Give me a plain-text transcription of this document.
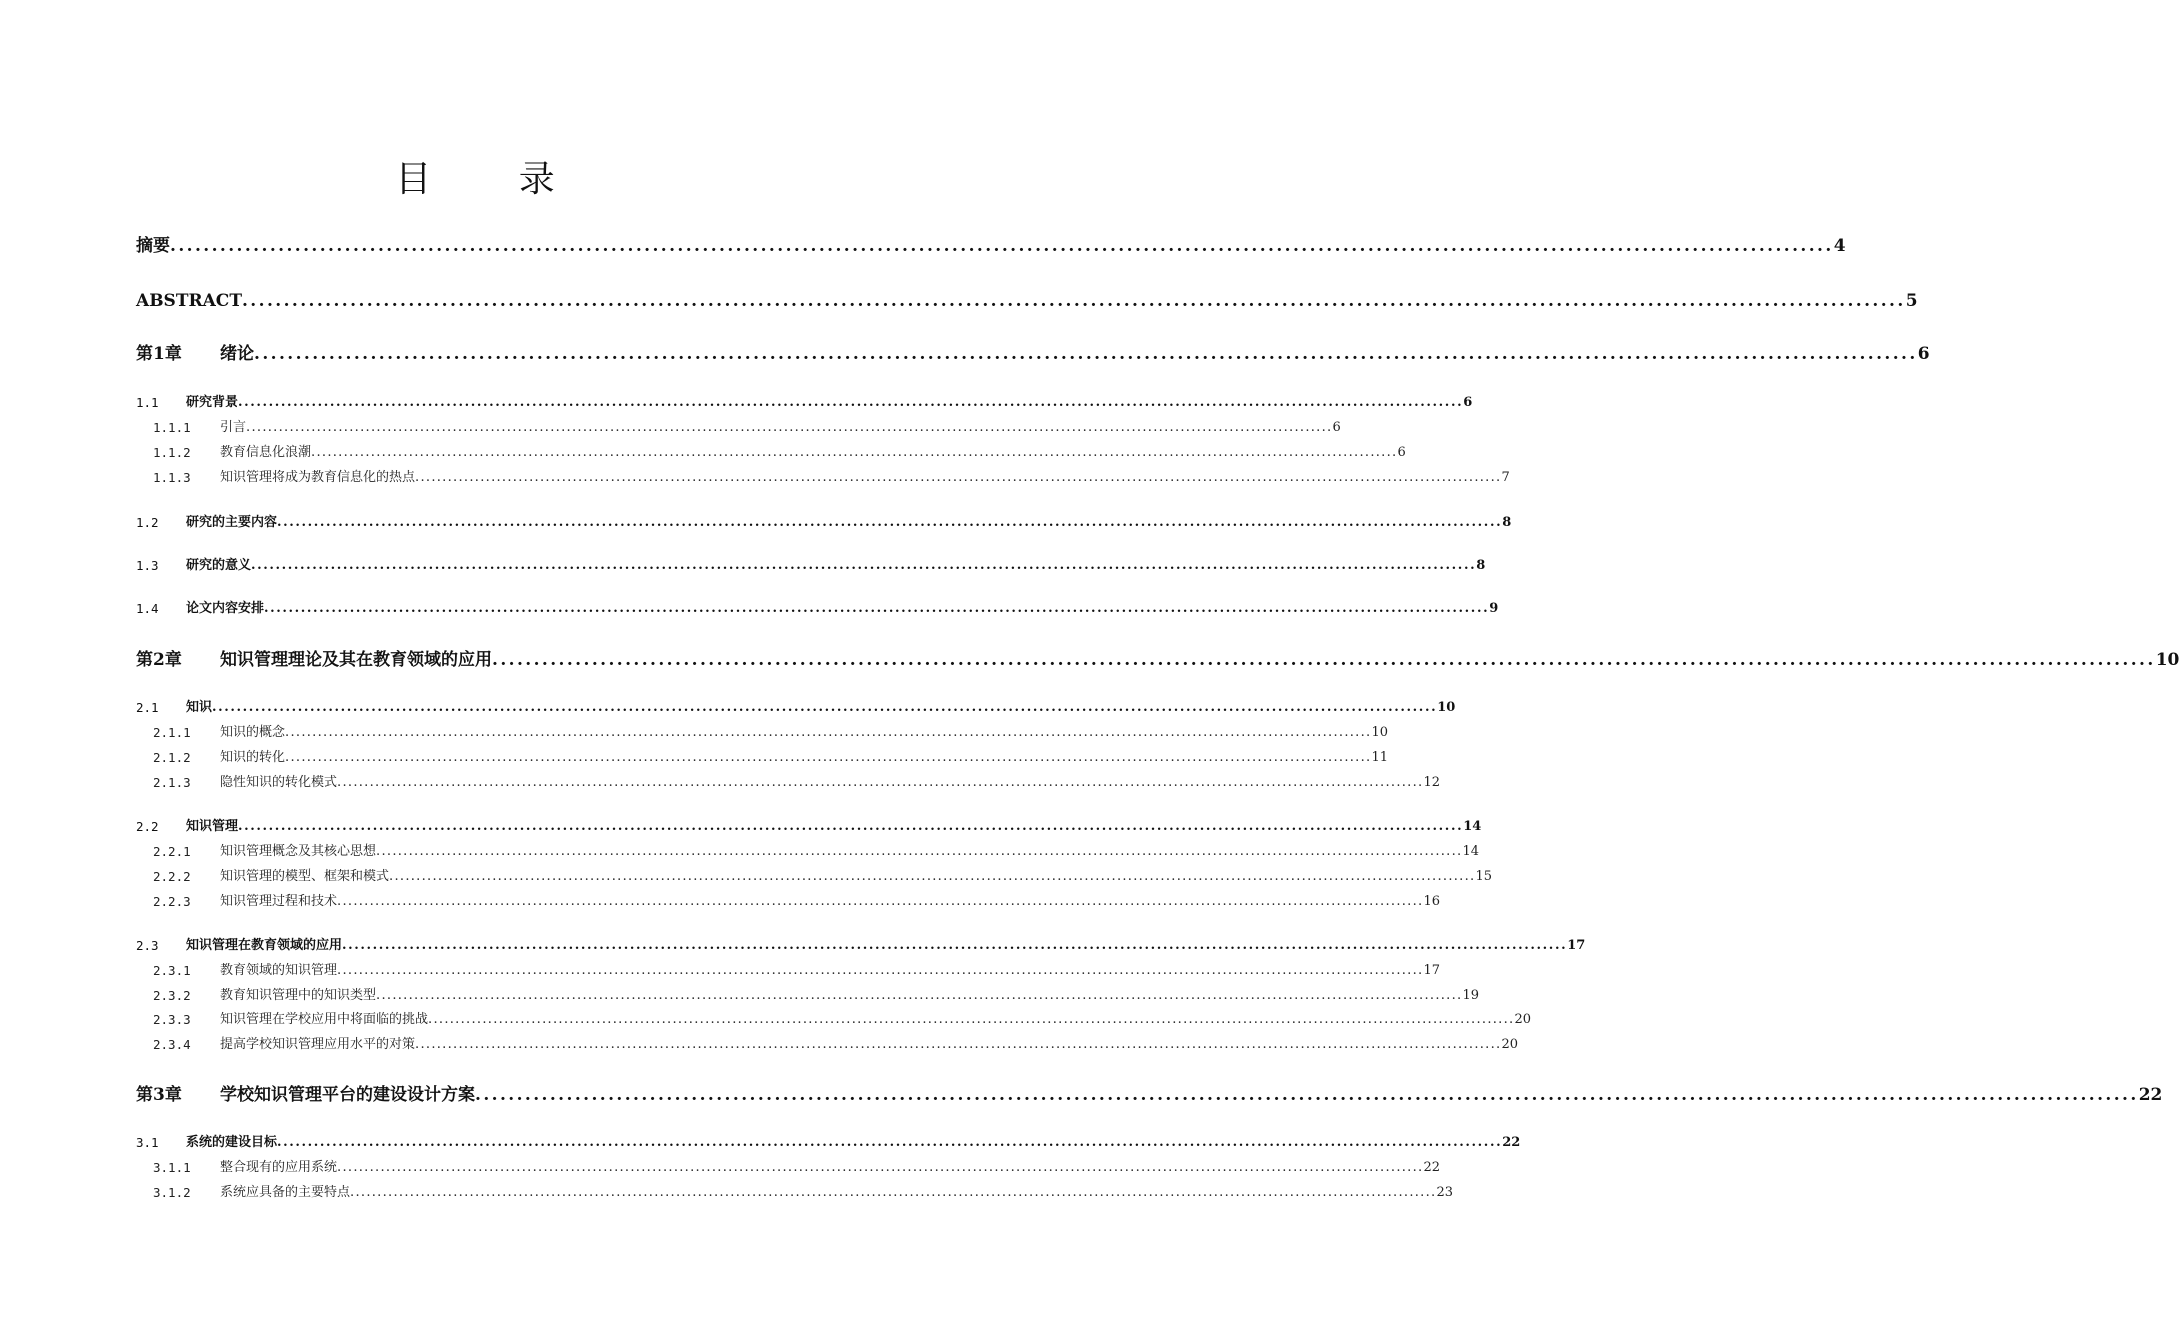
目 录
摘要 ........................................................................................................................................................................................................ 4
ABSTRACT ........................................................................................................................................................................................................ 5
第1章	绪论 ........................................................................................................................................................................................................ 6
1.1	研究背景 ........................................................................................................................................................................................................ 6
1.1.1	引言 ........................................................................................................................................................................................................ 6
1.1.2	教育信息化浪潮 ........................................................................................................................................................................................................ 6
1.1.3	知识管理将成为教育信息化的热点 ........................................................................................................................................................................................................ 7
1.2	研究的主要内容 ........................................................................................................................................................................................................ 8
1.3	研究的意义 ........................................................................................................................................................................................................ 8
1.4	论文内容安排 ........................................................................................................................................................................................................ 9
第2章	知识管理理论及其在教育领域的应用 ........................................................................................................................................................................................................ 10
2.1	知识 ........................................................................................................................................................................................................ 10
2.1.1	知识的概念 ........................................................................................................................................................................................................ 10
2.1.2	知识的转化 ........................................................................................................................................................................................................ 11
2.1.3	隐性知识的转化模式 ........................................................................................................................................................................................................ 12
2.2	知识管理 ........................................................................................................................................................................................................ 14
2.2.1	知识管理概念及其核心思想 ........................................................................................................................................................................................................ 14
2.2.2	知识管理的模型、框架和模式 ........................................................................................................................................................................................................ 15
2.2.3	知识管理过程和技术 ........................................................................................................................................................................................................ 16
2.3	知识管理在教育领域的应用 ........................................................................................................................................................................................................ 17
2.3.1	教育领域的知识管理 ........................................................................................................................................................................................................ 17
2.3.2	教育知识管理中的知识类型 ........................................................................................................................................................................................................ 19
2.3.3	知识管理在学校应用中将面临的挑战 ........................................................................................................................................................................................................ 20
2.3.4	提高学校知识管理应用水平的对策 ........................................................................................................................................................................................................ 20
第3章	学校知识管理平台的建设设计方案 ........................................................................................................................................................................................................ 22
3.1	系统的建设目标 ........................................................................................................................................................................................................ 22
3.1.1	整合现有的应用系统 ........................................................................................................................................................................................................ 22
3.1.2	系统应具备的主要特点 ........................................................................................................................................................................................................ 23
